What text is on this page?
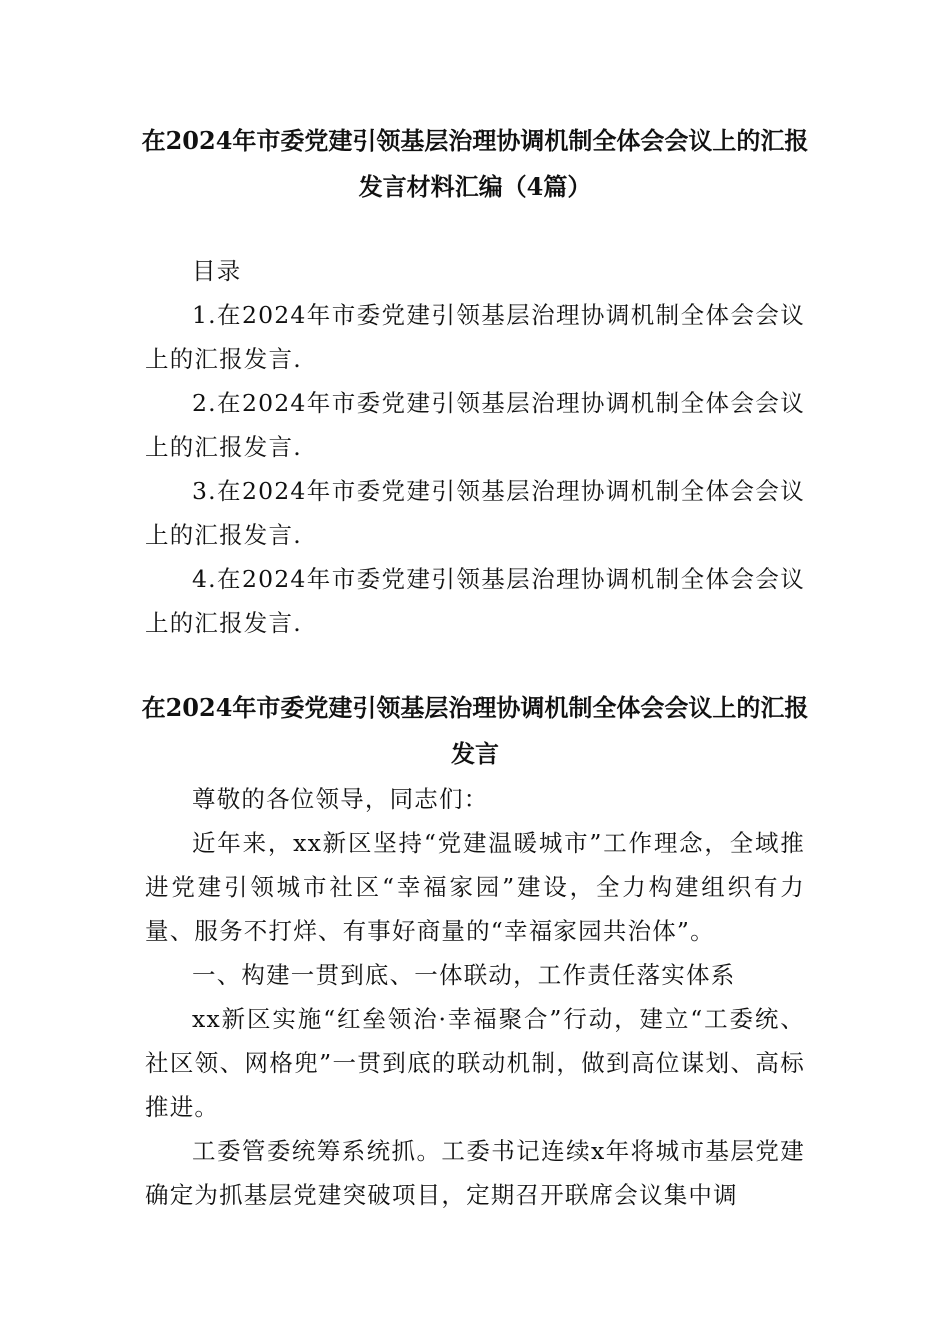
在2024年市委党建引领基层治理协调机制全体会会议上的汇报发言材料汇编（4篇）

目录

1.在2024年市委党建引领基层治理协调机制全体会会议上的汇报发言.

2.在2024年市委党建引领基层治理协调机制全体会会议上的汇报发言.

3.在2024年市委党建引领基层治理协调机制全体会会议上的汇报发言.

4.在2024年市委党建引领基层治理协调机制全体会会议上的汇报发言.

在2024年市委党建引领基层治理协调机制全体会会议上的汇报发言

尊敬的各位领导，同志们：

近年来，xx新区坚持“党建温暖城市”工作理念，全域推进党建引领城市社区“幸福家园”建设，全力构建组织有力量、服务不打烊、有事好商量的“幸福家园共治体”。

一、构建一贯到底、一体联动，工作责任落实体系

xx新区实施“红垒领治·幸福聚合”行动，建立“工委统、社区领、网格兜”一贯到底的联动机制，做到高位谋划、高标推进。

工委管委统筹系统抓。工委书记连续x年将城市基层党建确定为抓基层党建突破项目，定期召开联席会议集中调
